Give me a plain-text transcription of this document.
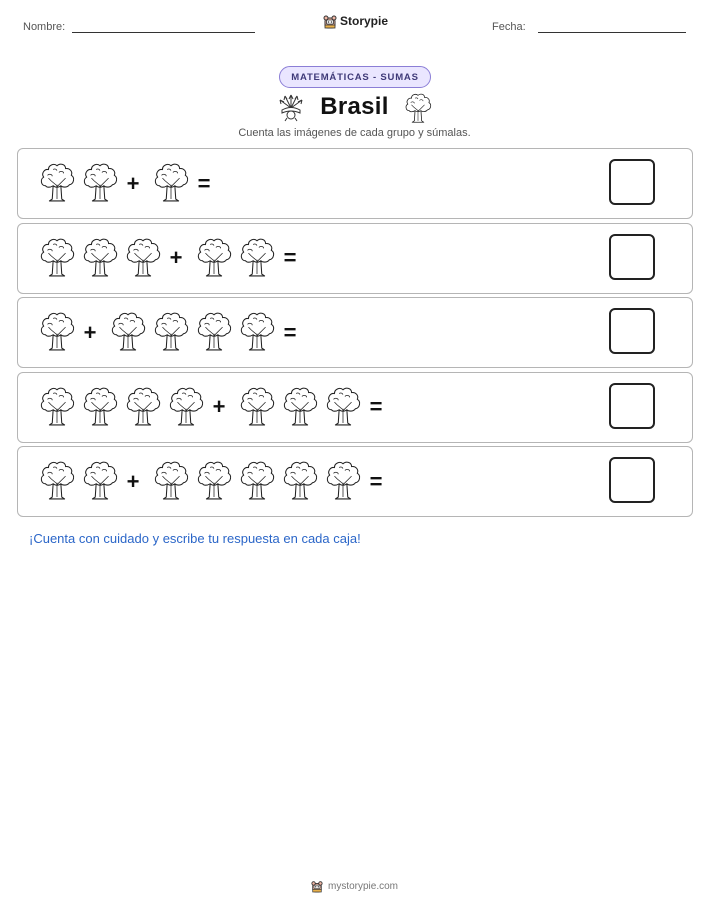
Nombre:	Storypie	Fecha:
MATEMÁTICAS - SUMAS
Brasil
Cuenta las imágenes de cada grupo y súmalas.
+	=
+	=
+	=
+	=
+	=
¡Cuenta con cuidado y escribe tu respuesta en cada caja!
mystorypie.com
